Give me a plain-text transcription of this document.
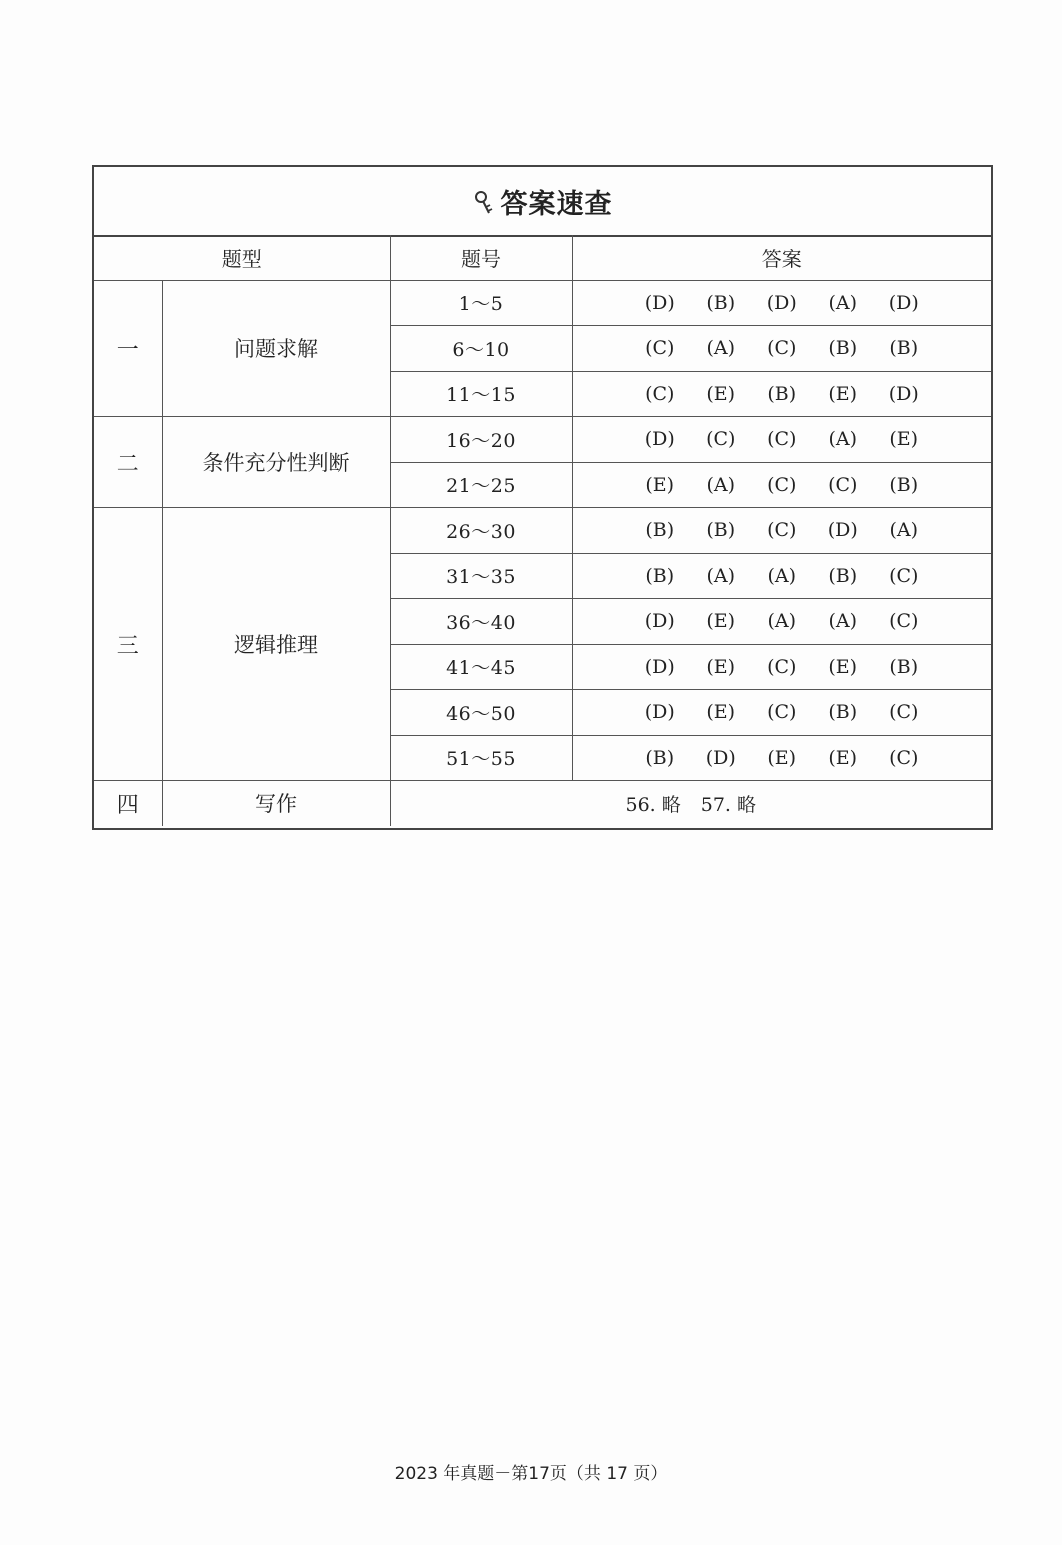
答案速查
题型		题号	答案
一	问题求解	1～5	(D) (B) (D) (A) (D)

		6～10	(C) (A) (C) (B) (B)

		11～15	(C) (E) (B) (E) (D)

二	条件充分性判断	16～20	(D) (C) (C) (A) (E)

		21～25	(E) (A) (C) (C) (B)

三	逻辑推理	26～30	(B) (B) (C) (D) (A)

		31～35	(B) (A) (A) (B) (C)

		36～40	(D) (E) (A) (A) (C)

		41～45	(D) (E) (C) (E) (B)

		46～50	(D) (E) (C) (B) (C)

		51～55	(B) (D) (E) (E) (C)

四	写作	56. 略 57. 略	
2023 年真题－第17页（共 17 页）
